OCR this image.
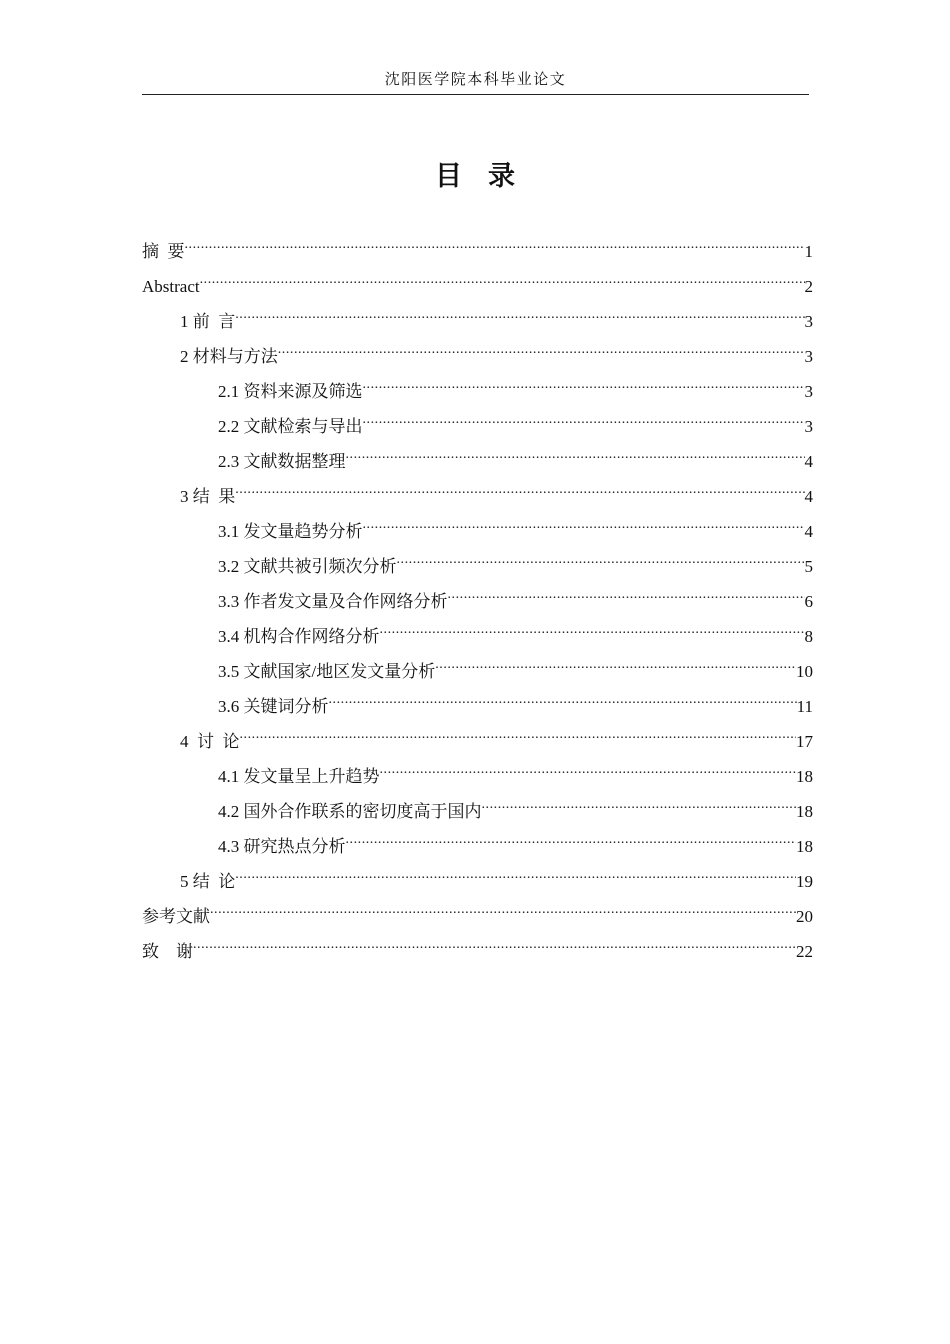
沈阳医学院本科毕业论文
目录
摘  要 .....	1
Abstract .....	2
1 前  言 .....	3
2 材料与方法 .....	3
2.1 资料来源及筛选 .....	3
2.2 文献检索与导出 .....	3
2.3 文献数据整理 .....	4
3 结  果 .....	4
3.1 发文量趋势分析 .....	4
3.2 文献共被引频次分析 .....	5
3.3 作者发文量及合作网络分析 .....	6
3.4 机构合作网络分析 .....	8
3.5 文献国家/地区发文量分析 .....	10
3.6 关键词分析 .....	11
4  讨  论 .....	17
4.1 发文量呈上升趋势 .....	18
4.2 国外合作联系的密切度高于国内 .....	18
4.3 研究热点分析 .....	18
5 结  论 .....	19
参考文献 .....	20
致    谢 .....	22
